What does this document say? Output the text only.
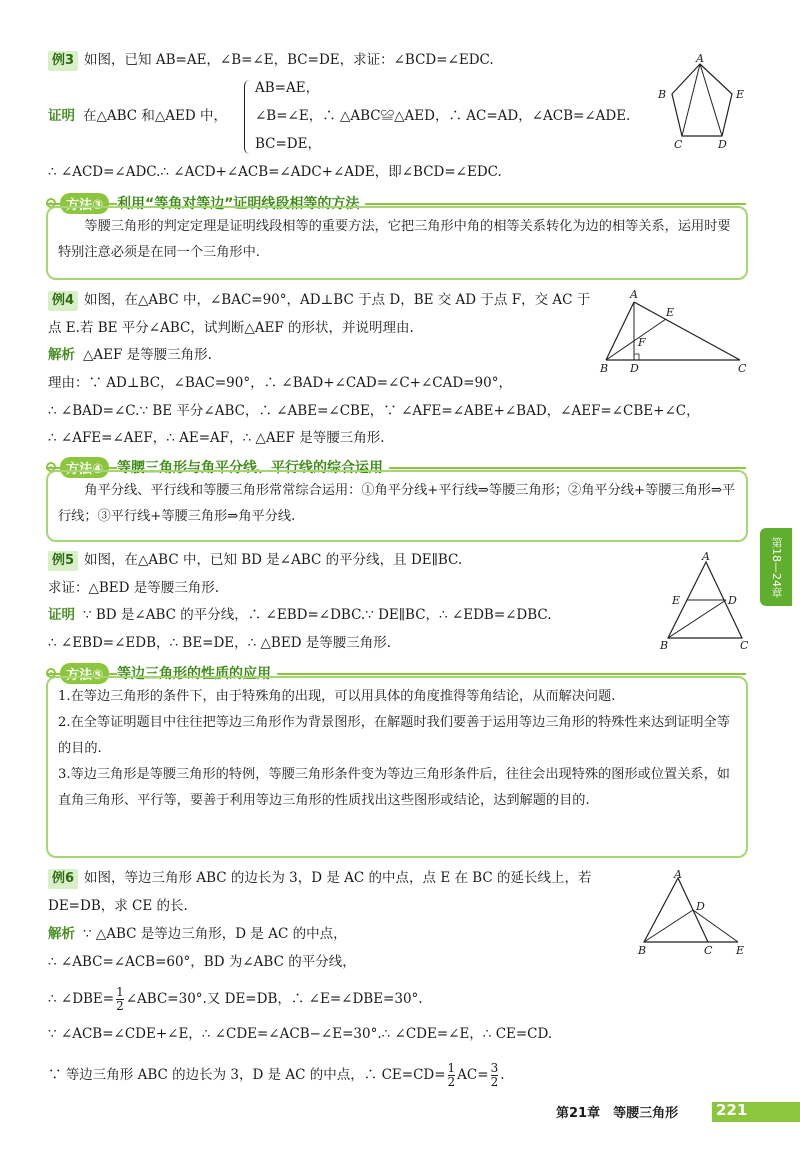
例3 如图，已知 AB=AE，∠B=∠E，BC=DE，求证：∠BCD=∠EDC.
证明 在△ABC 和△AED 中，
AB=AE，
∠B=∠E，∴ △ABC≌△AED，∴ AC=AD，∠ACB=∠ADE.
BC=DE，
∴ ∠ACD=∠ADC.∴ ∠ACD+∠ACB=∠ADC+∠ADE，即∠BCD=∠EDC.
A
B
C	D
E
方法③	利用“等角对等边”证明线段相等的方法
等腰三角形的判定定理是证明线段相等的重要方法，它把三角形中角的相等关系转化为边的相等关系，运用时要特别注意必须是在同一个三角形中.
例4 如图，在△ABC 中，∠BAC=90°，AD⊥BC 于点 D，BE 交 AD 于点 F，交 AC 于
点 E.若 BE 平分∠ABC，试判断△AEF 的形状，并说明理由.
解析 △AEF 是等腰三角形.
理由：∵ AD⊥BC，∠BAC=90°，∴ ∠BAD+∠CAD=∠C+∠CAD=90°，
∴ ∠BAD=∠C.∵ BE 平分∠ABC，∴ ∠ABE=∠CBE，∵ ∠AFE=∠ABE+∠BAD，∠AEF=∠CBE+∠C，
∴ ∠AFE=∠AEF，∴ AE=AF，∴ △AEF 是等腰三角形.
A
B D	C
E
F
方法④	等腰三角形与角平分线、平行线的综合运用
角平分线、平行线和等腰三角形常常综合运用：①角平分线+平行线⇒等腰三角形；②角平分线+等腰三角形⇒平行线；③平行线+等腰三角形⇒角平分线.
例5 如图，在△ABC 中，已知 BD 是∠ABC 的平分线，且 DE∥BC.
求证：△BED 是等腰三角形.
证明 ∵ BD 是∠ABC 的平分线，∴ ∠EBD=∠DBC.∵ DE∥BC，∴ ∠EDB=∠DBC.
∴ ∠EBD=∠EDB，∴ BE=DE，∴ △BED 是等腰三角形.
A
E	D
B	C
方法⑤	等边三角形的性质的应用
1.在等边三角形的条件下，由于特殊角的出现，可以用具体的角度推得等角结论，从而解决问题.
2.在全等证明题目中往往把等边三角形作为背景图形，在解题时我们要善于运用等边三角形的特殊性来达到证明全等的目的.
3.等边三角形是等腰三角形的特例，等腰三角形条件变为等边三角形条件后，往往会出现特殊的图形或位置关系，如直角三角形、平行等，要善于利用等边三角形的性质找出这些图形或结论，达到解题的目的.
例6 如图，等边三角形 ABC 的边长为 3，D 是 AC 的中点，点 E 在 BC 的延长线上，若
DE=DB，求 CE 的长.
解析 ∵ △ABC 是等边三角形，D 是 AC 的中点，
∴ ∠ABC=∠ACB=60°，BD 为∠ABC 的平分线，
∴ ∠DBE= $\frac{1}{2}$ ∠ABC=30°.又 DE=DB，∴ ∠E=∠DBE=30°.
∵ ∠ACB=∠CDE+∠E，∴ ∠CDE=∠ACB−∠E=30°.∴ ∠CDE=∠E，∴ CE=CD.
∵ 等边三角形 ABC 的边长为 3，D 是 AC 的中点，∴ $CE=CD= \frac{1}{2} AC= \frac{3}{2}$ .
A
D
B	C E
第18—24章
第21章　等腰三角形	221
